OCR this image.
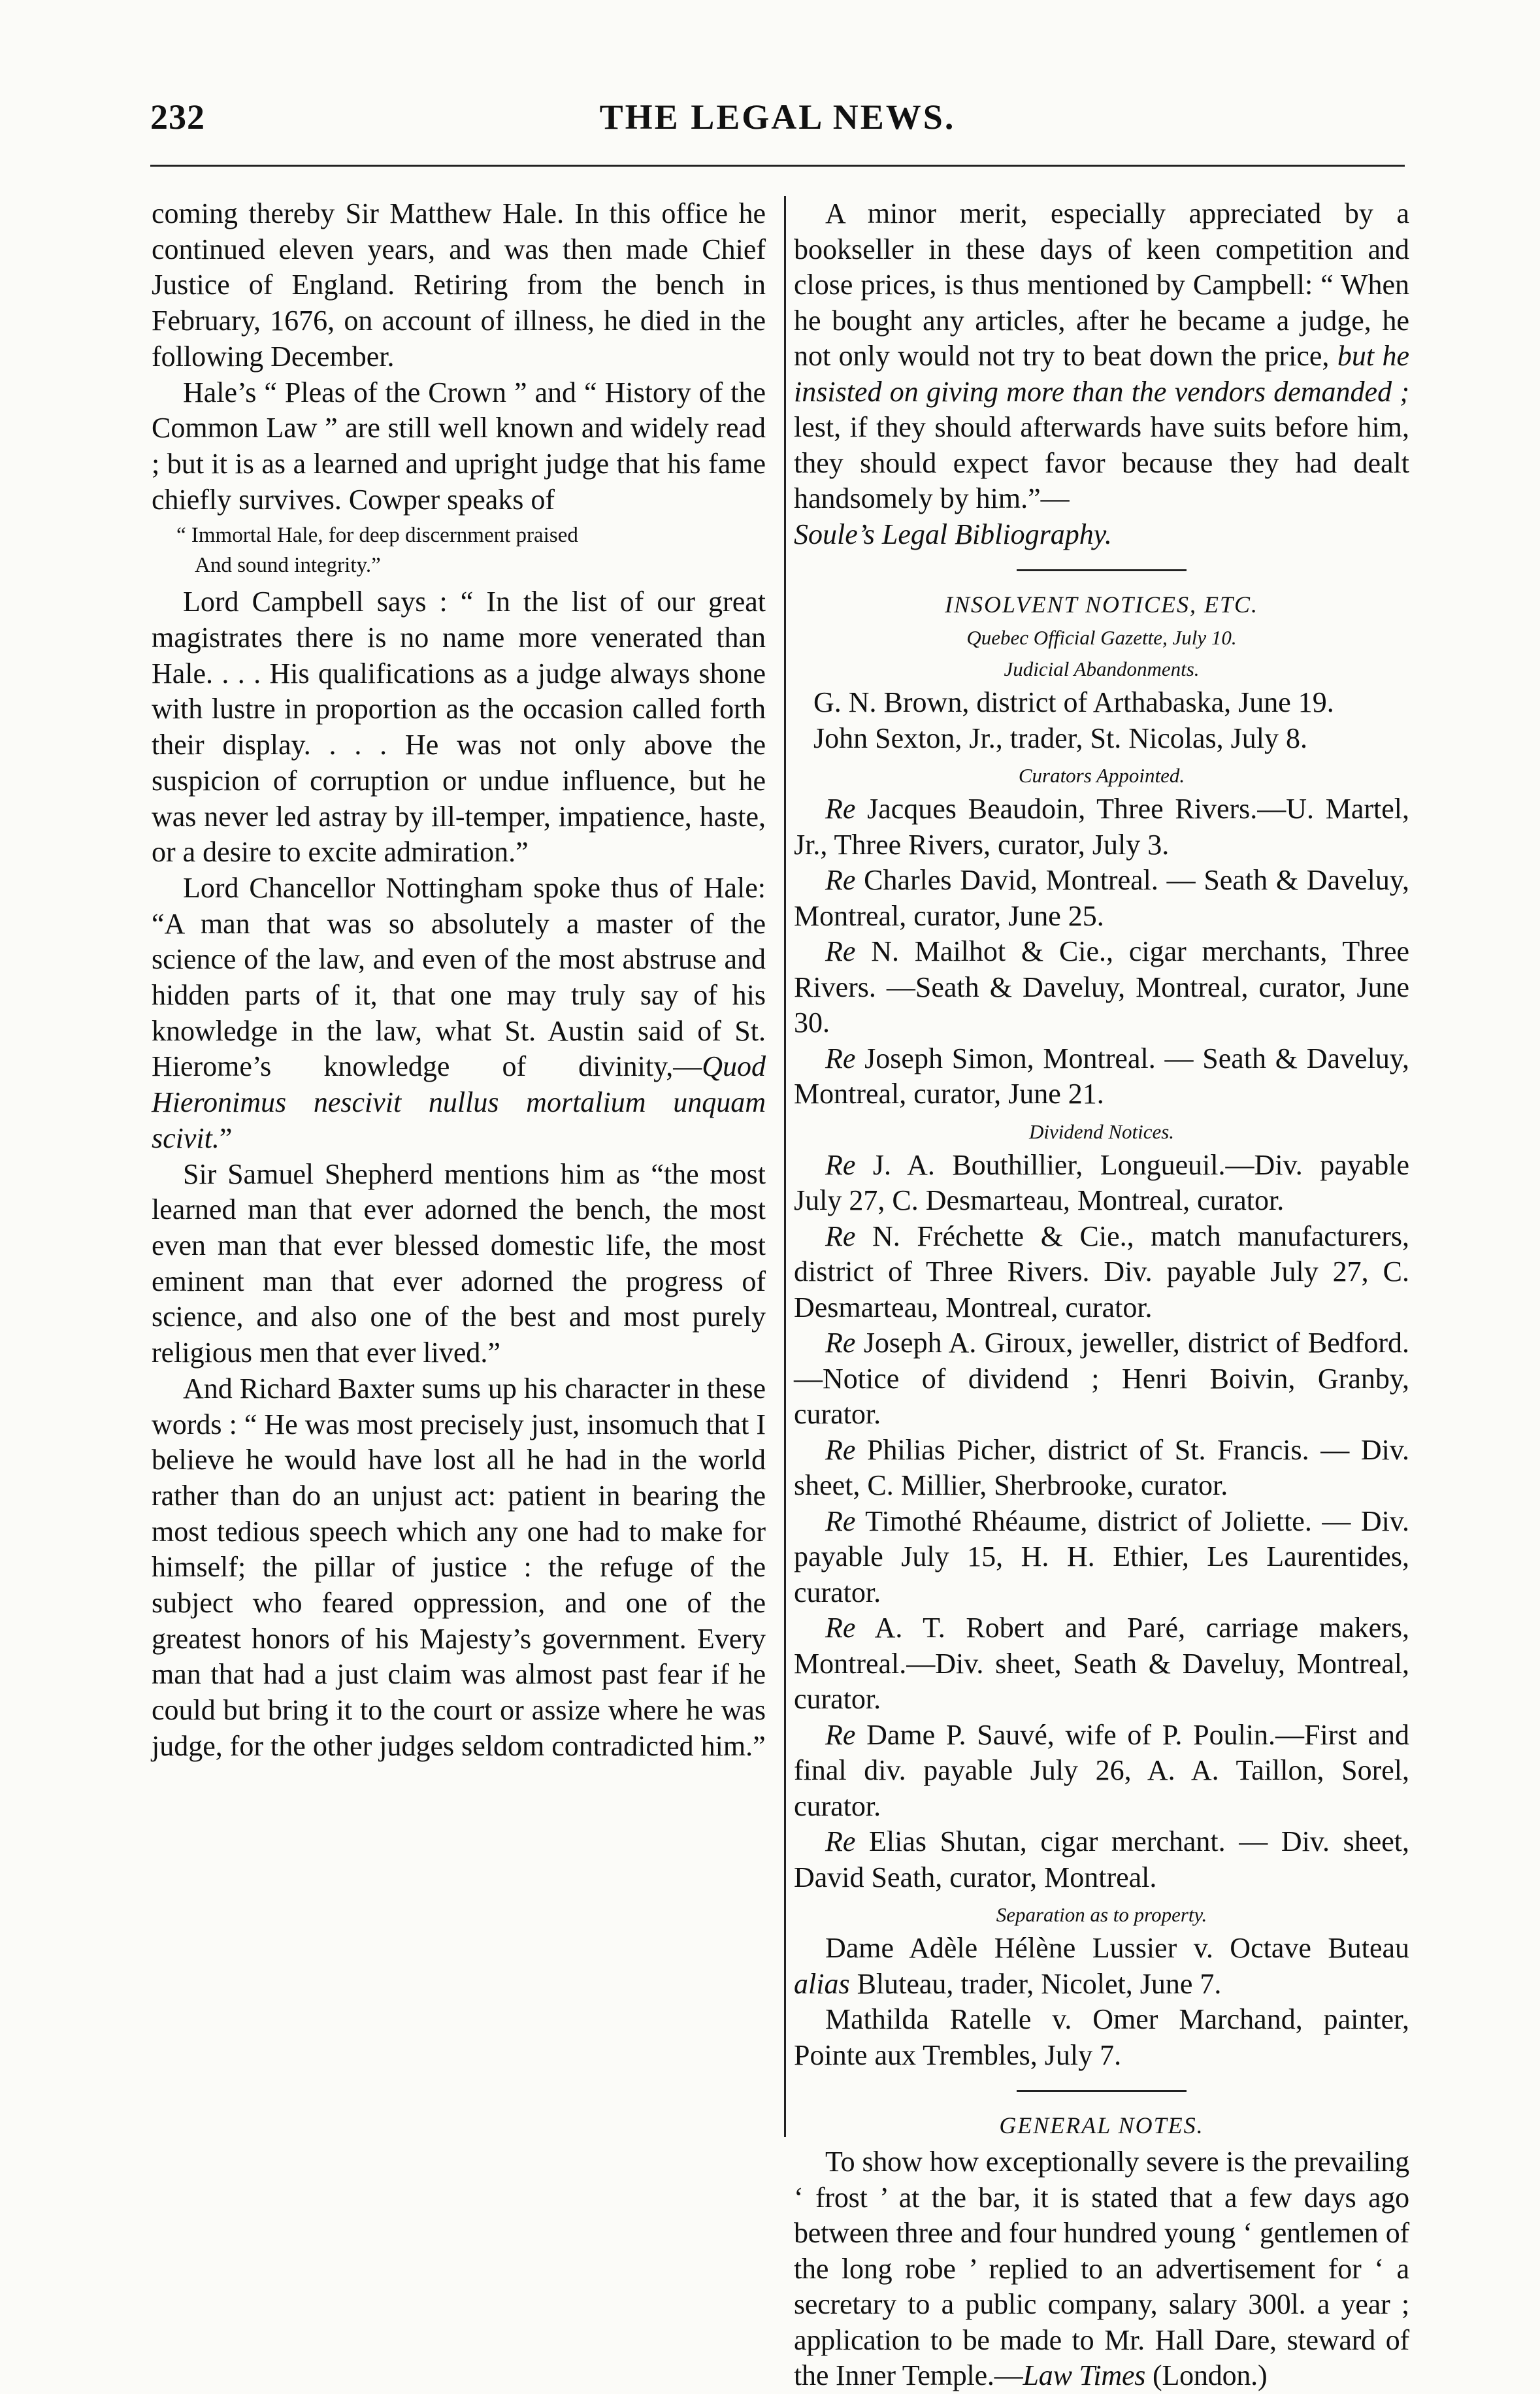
232	THE LEGAL NEWS.

coming thereby Sir Matthew Hale. In this office he continued eleven years, and was then made Chief Justice of England. Retiring from the bench in February, 1676, on account of illness, he died in the following December.

Hale’s “ Pleas of the Crown ” and “ History of the Common Law ” are still well known and widely read ; but it is as a learned and upright judge that his fame chiefly survives. Cowper speaks of

“ Immortal Hale, for deep discernment praised
And sound integrity.”

Lord Campbell says : “ In the list of our great magistrates there is no name more venerated than Hale. . . . His qualifications as a judge always shone with lustre in proportion as the occasion called forth their display. . . . He was not only above the suspicion of corruption or undue influence, but he was never led astray by ill-temper, impatience, haste, or a desire to excite admiration.”

Lord Chancellor Nottingham spoke thus of Hale: “A man that was so absolutely a master of the science of the law, and even of the most abstruse and hidden parts of it, that one may truly say of his knowledge in the law, what St. Austin said of St. Hierome’s knowledge of divinity,—Quod Hieronimus nescivit nullus mortalium unquam scivit.”

Sir Samuel Shepherd mentions him as “the most learned man that ever adorned the bench, the most even man that ever blessed domestic life, the most eminent man that ever adorned the progress of science, and also one of the best and most purely religious men that ever lived.”

And Richard Baxter sums up his character in these words : “ He was most precisely just, insomuch that I believe he would have lost all he had in the world rather than do an unjust act: patient in bearing the most tedious speech which any one had to make for himself; the pillar of justice : the refuge of the subject who feared oppression, and one of the greatest honors of his Majesty’s government. Every man that had a just claim was almost past fear if he could but bring it to the court or assize where he was judge, for the other judges seldom contradicted him.”

A minor merit, especially appreciated by a bookseller in these days of keen competition and close prices, is thus mentioned by Campbell: “ When he bought any articles, after he became a judge, he not only would not try to beat down the price, but he insisted on giving more than the vendors demanded ; lest, if they should afterwards have suits before him, they should expect favor because they had dealt handsomely by him.”—

Soule’s Legal Bibliography.

INSOLVENT NOTICES, ETC.
Quebec Official Gazette, July 10.
Judicial Abandonments.

G. N. Brown, district of Arthabaska, June 19.

John Sexton, Jr., trader, St. Nicolas, July 8.

Curators Appointed.

Re Jacques Beaudoin, Three Rivers.—U. Martel, Jr., Three Rivers, curator, July 3.

Re Charles David, Montreal. — Seath & Daveluy, Montreal, curator, June 25.

Re N. Mailhot & Cie., cigar merchants, Three Rivers. —Seath & Daveluy, Montreal, curator, June 30.

Re Joseph Simon, Montreal. — Seath & Daveluy, Montreal, curator, June 21.

Dividend Notices.

Re J. A. Bouthillier, Longueuil.—Div. payable July 27, C. Desmarteau, Montreal, curator.

Re N. Fréchette & Cie., match manufacturers, district of Three Rivers. Div. payable July 27, C. Desmarteau, Montreal, curator.

Re Joseph A. Giroux, jeweller, district of Bedford. —Notice of dividend ; Henri Boivin, Granby, curator.

Re Philias Picher, district of St. Francis. — Div. sheet, C. Millier, Sherbrooke, curator.

Re Timothé Rhéaume, district of Joliette. — Div. payable July 15, H. H. Ethier, Les Laurentides, curator.

Re A. T. Robert and Paré, carriage makers, Montreal.—Div. sheet, Seath & Daveluy, Montreal, curator.

Re Dame P. Sauvé, wife of P. Poulin.—First and final div. payable July 26, A. A. Taillon, Sorel, curator.

Re Elias Shutan, cigar merchant. — Div. sheet, David Seath, curator, Montreal.

Separation as to property.

Dame Adèle Hélène Lussier v. Octave Buteau alias Bluteau, trader, Nicolet, June 7.

Mathilda Ratelle v. Omer Marchand, painter, Pointe aux Trembles, July 7.

GENERAL NOTES.

To show how exceptionally severe is the prevailing ‘ frost ’ at the bar, it is stated that a few days ago between three and four hundred young ‘ gentlemen of the long robe ’ replied to an advertisement for ‘ a secretary to a public company, salary 300l. a year ; application to be made to Mr. Hall Dare, steward of the Inner Temple.—Law Times (London.)
